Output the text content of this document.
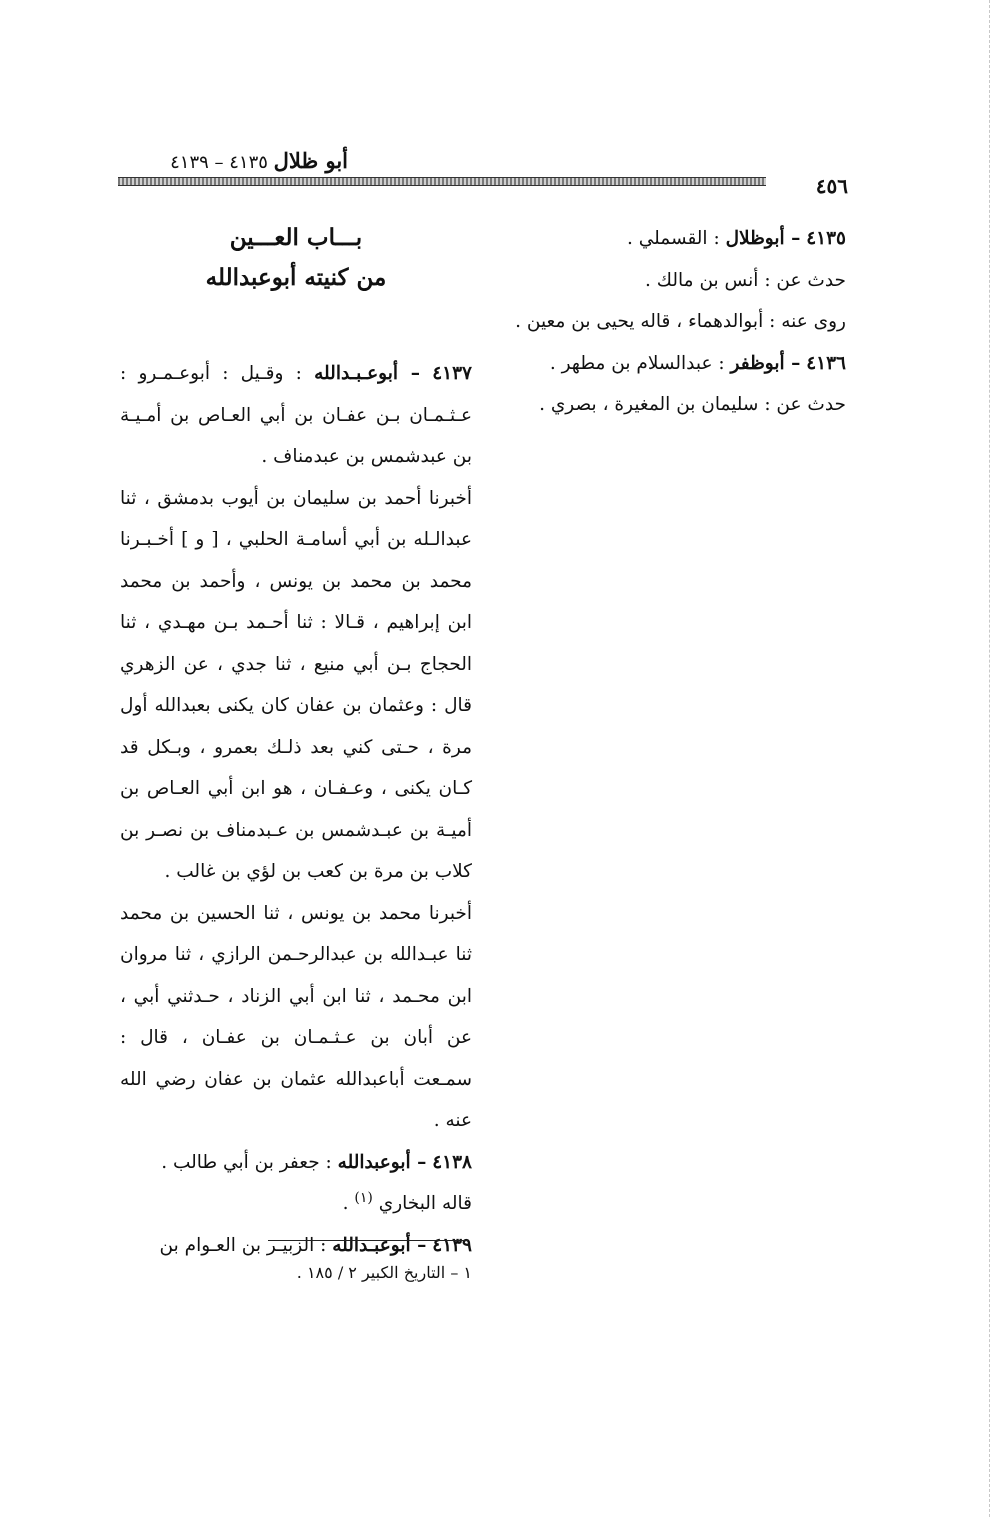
أبو ظلال ٤١٣٥ – ٤١٣٩
٤٥٦

٤١٣٥ – أبوظلال : القسملي .

حدث عن : أنس بن مالك .

روى عنه : أبوالدهماء ، قاله يحيى بن معين .

٤١٣٦ – أبوظفر : عبدالسلام بن مطهر .

حدث عن : سليمان بن المغيرة ، بصري .

بـــاب العـــين
من كنيته أبوعبدالله

٤١٣٧ – أبوعـبـدالله : وقـيل : أبوعـمـرو : عـثـمـان بـن عفـان بن أبي العـاص بن أمـيـة بن عبدشمس بن عبدمناف .

أخبرنا أحمد بن سليمان بن أيوب بدمشق ، ثنا عبدالـله بن أبي أسامـة الحلبي ، [ و ] أخـبـرنا محمد بن محمد بن يونس ، وأحمد بن محمد ابن إبراهيم ، قـالا : ثنا أحـمد بـن مهـدي ، ثنا الحجاج بـن أبي منيع ، ثنا جدي ، عن الزهري قال : وعثمان بن عفان كان يكنى بعبدالله أول مرة ، حـتى كني بعد ذلـك بعمرو ، وبـكل قد كـان يكنى ، وعـفـان ، هو ابن أبي العـاص بن أميـة بن عبـدشمس بن عـبدمناف بن نصـر بن كلاب بن مرة بن كعب بن لؤي بن غالب .

أخبرنا محمد بن يونس ، ثنا الحسين بن محمد ثنا عبـدالله بن عبدالرحـمن الرازي ، ثنا مروان ابن محـمد ، ثنا ابن أبي الزناد ، حـدثني أبي ، عن أبان بن عـثـمـان بن عفـان ، قال : سمـعت أباعبدالله عثمان بن عفان رضي الله عنه .

٤١٣٨ – أبوعبدالله : جعفر بن أبي طالب .

قاله البخاري $^{(١)}$ .

٤١٣٩ – أبوعبـدالله : الزبيـر بن العـوام بن

١ – التاريخ الكبير ٢ / ١٨٥ .
